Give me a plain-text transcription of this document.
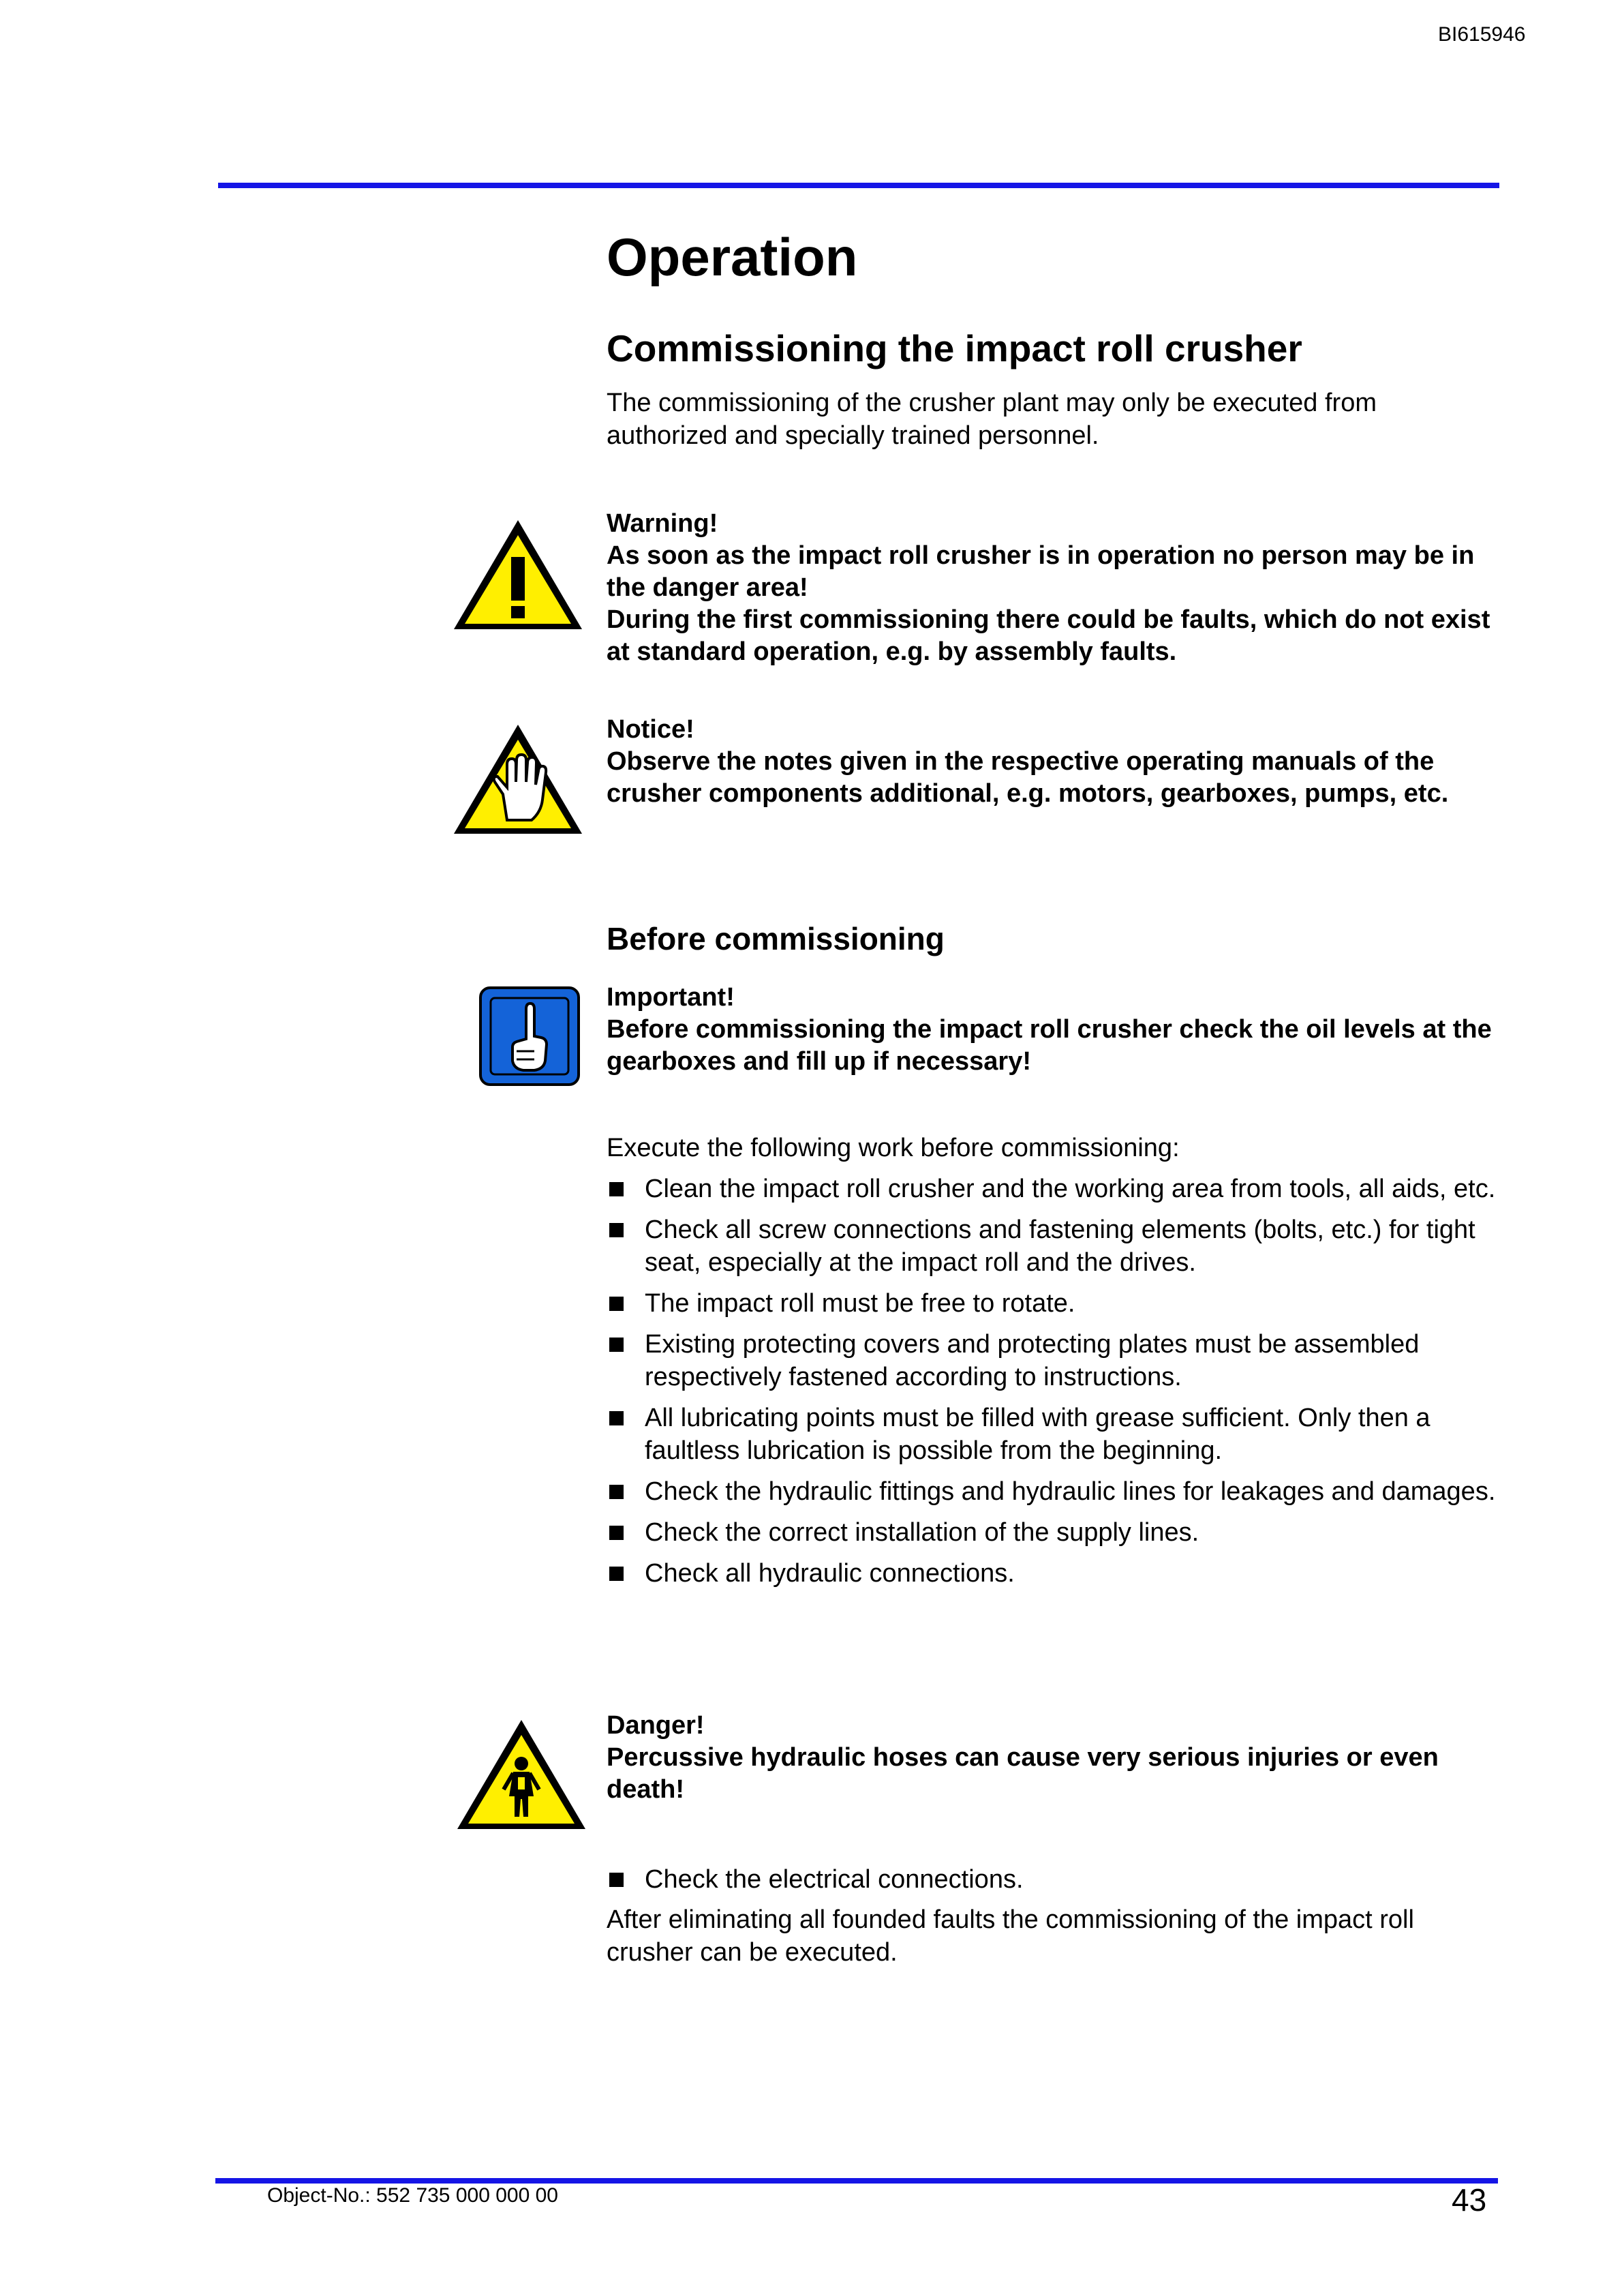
BI615946
Operation
Commissioning the impact roll crusher
The commissioning of the crusher plant may only be executed from authorized and specially trained personnel.
Warning!
As soon as the impact roll crusher is in operation no person may be in the danger area!
During the first commissioning there could be faults, which do not exist at standard operation, e.g. by assembly faults.
Notice!
Observe the notes given in the respective operating manuals of the crusher components additional, e.g. motors, gearboxes, pumps, etc.
Before commissioning
Important!
Before commissioning the impact roll crusher check the oil levels at the gearboxes and fill up if necessary!
Execute the following work before commissioning:
Clean the impact roll crusher and the working area from tools, all aids, etc.
Check all screw connections and fastening elements (bolts, etc.) for tight seat, especially at the impact roll and the drives.
The impact roll must be free to rotate.
Existing protecting covers and protecting plates must be assembled respectively fastened according to instructions.
All lubricating points must be filled with grease sufficient. Only then a faultless lubrication is possible from the beginning.
Check the hydraulic fittings and hydraulic lines for leakages and damages.
Check the correct installation of the supply lines.
Check all hydraulic connections.
Danger!
Percussive hydraulic hoses can cause very serious injuries or even death!
Check the electrical connections.
After eliminating all founded faults the commissioning of the impact roll crusher can be executed.
Object-No.: 552 735 000 000 00	43
